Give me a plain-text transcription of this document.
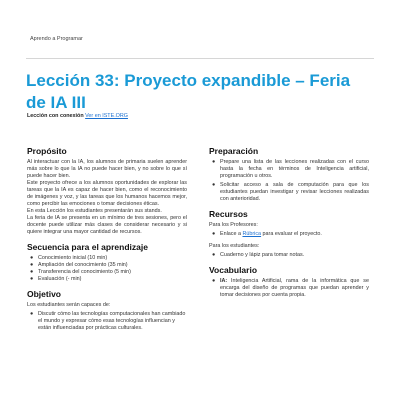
Aprendo a Programar
Lección 33: Proyecto expandible – Feria de IA III
Lección con conexión Ver en ISTE.ORG
Propósito

Al interactuar con la IA, los alumnos de primaria suelen aprender más sobre lo que la IA no puede hacer bien, y no sobre lo que sí puede hacer bien.

Este proyecto ofrece a los alumnos oportunidades de explorar las tareas que la IA es capaz de hacer bien, como el reconocimiento de imágenes y voz, y las tareas que los humanos hacemos mejor, como percibir las emociones o tomar decisiones éticas.

En esta Lección los estudiantes presentarán sus stands.

La feria de IA se presenta en un mínimo de tres sesiones, pero el docente puede utilizar más clases de considerar necesario y si quiere integrar una mayor cantidad de recursos.

Secuencia para el aprendizaje
● Conocimiento inicial (10 min)
● Ampliación del conocimiento (35 min)
● Transferencia del conocimiento (5 min)
● Evaluación (- min)
Objetivo

Los estudiantes serán capaces de:

● Discutir cómo las tecnologías computacionales han cambiado el mundo y expresar cómo esas tecnologías influencian y están influenciadas por prácticas culturales.
Preparación
● Prepare una lista de las lecciones realizadas con el curso hasta la fecha en términos de Inteligencia artificial, programación u otros.
● Solicitar acceso a sala de computación para que los estudiantes puedan investigar y revisar lecciones realizadas con anterioridad.
Recursos

Para los Profesores:

● Enlace a Rúbrica para evaluar el proyecto.

Para los estudiantes:

● Cuaderno y lápiz para tomar notas.
Vocabulario
● IA: Inteligencia Artificial, rama de la informática que se encarga del diseño de programas que puedan aprender y tomar decisiones por cuenta propia.
